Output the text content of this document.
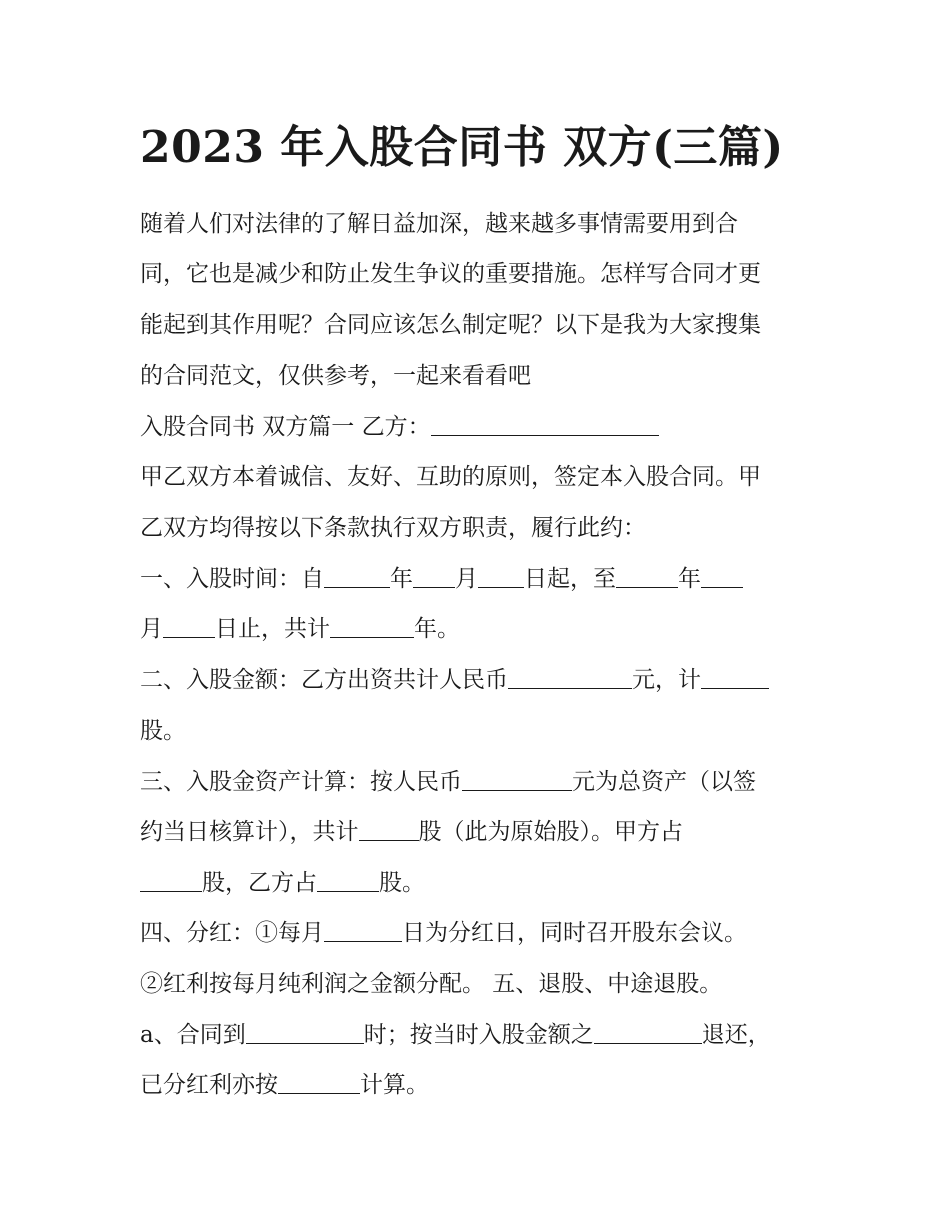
2023 年入股合同书 双方(三篇)
随着人们对法律的了解日益加深，越来越多事情需要用到合
同，它也是减少和防止发生争议的重要措施。怎样写合同才更
能起到其作用呢？合同应该怎么制定呢？以下是我为大家搜集
的合同范文，仅供参考，一起来看看吧
入股合同书 双方篇一 乙方：
甲乙双方本着诚信、友好、互助的原则，签定本入股合同。甲
乙双方均得按以下条款执行双方职责，履行此约：
一、入股时间：自	年 月 日起，至	年
月 日止，共计	年。
二、入股金额：乙方出资共计人民币	元，计
股。
三、入股金资产计算：按人民币	元为总资产（以签
约当日核算计），共计	股（此为原始股）。甲方占
股，乙方占	股。
四、分红：①每月	日为分红日，同时召开股东会议。
②红利按每月纯利润之金额分配。 五、退股、中途退股。
a、合同到	时；按当时入股金额之	退还，
已分红利亦按	计算。
